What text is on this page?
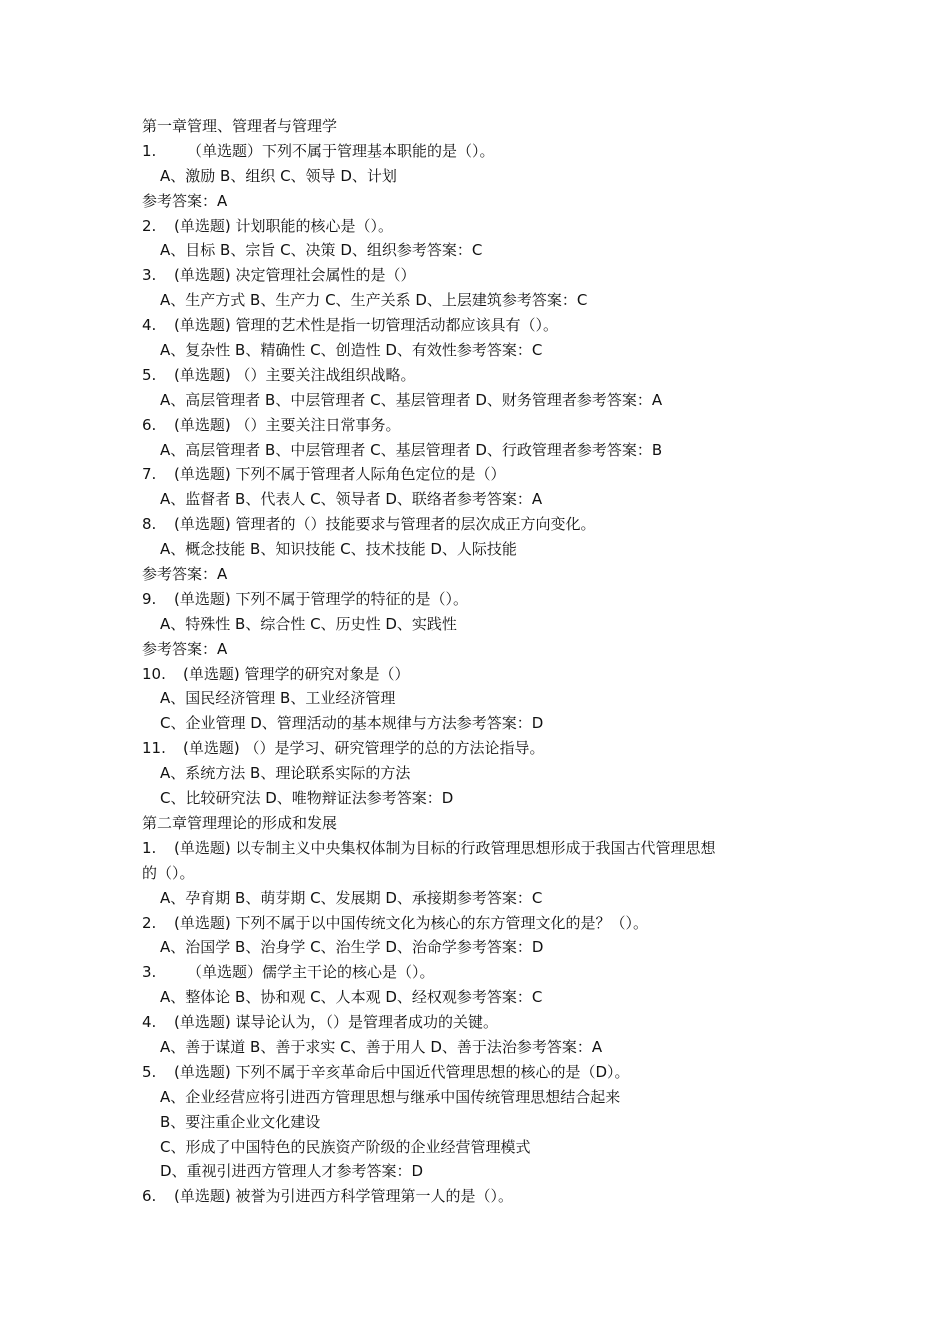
第一章管理、管理者与管理学
1. （单选题）下列不属于管理基本职能的是（）。
A、激励 B、组织 C、领导 D、计划
参考答案：A
2. (单选题) 计划职能的核心是（）。
A、目标 B、宗旨 C、决策 D、组织参考答案：C
3. (单选题) 决定管理社会属性的是（）
A、生产方式 B、生产力 C、生产关系 D、上层建筑参考答案：C
4. (单选题) 管理的艺术性是指一切管理活动都应该具有（）。
A、复杂性 B、精确性 C、创造性 D、有效性参考答案：C
5. (单选题) （）主要关注战组织战略。
A、高层管理者 B、中层管理者 C、基层管理者 D、财务管理者参考答案：A
6. (单选题) （）主要关注日常事务。
A、高层管理者 B、中层管理者 C、基层管理者 D、行政管理者参考答案：B
7. (单选题) 下列不属于管理者人际角色定位的是（）
A、监督者 B、代表人 C、领导者 D、联络者参考答案：A
8. (单选题) 管理者的（）技能要求与管理者的层次成正方向变化。
A、概念技能 B、知识技能 C、技术技能 D、人际技能
参考答案：A
9. (单选题) 下列不属于管理学的特征的是（）。
A、特殊性 B、综合性 C、历史性 D、实践性
参考答案：A
10. (单选题) 管理学的研究对象是（）
A、国民经济管理 B、工业经济管理
C、企业管理 D、管理活动的基本规律与方法参考答案：D
11. (单选题) （）是学习、研究管理学的总的方法论指导。
A、系统方法 B、理论联系实际的方法
C、比较研究法 D、唯物辩证法参考答案：D
第二章管理理论的形成和发展
1. (单选题) 以专制主义中央集权体制为目标的行政管理思想形成于我国古代管理思想
的（）。
A、孕育期 B、萌芽期 C、发展期 D、承接期参考答案：C
2. (单选题) 下列不属于以中国传统文化为核心的东方管理文化的是？（）。
A、治国学 B、治身学 C、治生学 D、治命学参考答案：D
3. （单选题）儒学主干论的核心是（）。
A、整体论 B、协和观 C、人本观 D、经权观参考答案：C
4. (单选题) 谋导论认为，（）是管理者成功的关键。
A、善于谋道 B、善于求实 C、善于用人 D、善于法治参考答案：A
5. (单选题) 下列不属于辛亥革命后中国近代管理思想的核心的是（D）。
A、企业经营应将引进西方管理思想与继承中国传统管理思想结合起来
B、要注重企业文化建设
C、形成了中国特色的民族资产阶级的企业经营管理模式
D、重视引进西方管理人才参考答案：D
6. (单选题) 被誉为引进西方科学管理第一人的是（）。
